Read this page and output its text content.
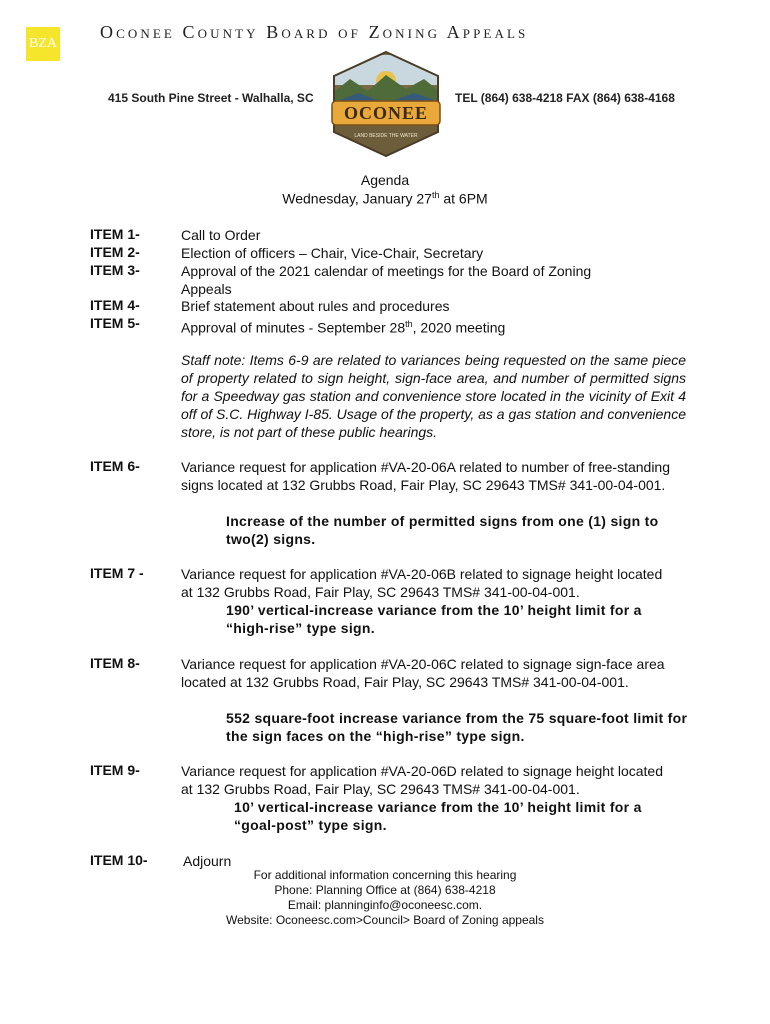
BZA
Oconee County Board of Zoning Appeals
415 South Pine Street - Walhalla, SC	TEL (864) 638-4218 FAX (864) 638-4168
OCONEE
LAND BESIDE THE WATER
Agenda
Wednesday, January 27th at 6PM
ITEM 1-	Call to Order
ITEM 2-	Election of officers – Chair, Vice-Chair, Secretary
ITEM 3-	Approval of the 2021 calendar of meetings for the Board of Zoning Appeals
ITEM 4-	Brief statement about rules and procedures
ITEM 5-	Approval of minutes - September 28th, 2020 meeting
Staff note: Items 6-9 are related to variances being requested on the same piece of property related to sign height, sign-face area, and number of permitted signs for a Speedway gas station and convenience store located in the vicinity of Exit 4 off of S.C. Highway I-85. Usage of the property, as a gas station and convenience store, is not part of these public hearings.
ITEM 6-	Variance request for application #VA-20-06A related to number of free-standing signs located at 132 Grubbs Road, Fair Play, SC 29643 TMS# 341-00-04-001.
Increase of the number of permitted signs from one (1) sign to two(2) signs.
ITEM 7 -	Variance request for application #VA-20-06B related to signage height located at 132 Grubbs Road, Fair Play, SC 29643 TMS# 341-00-04-001.
190’ vertical-increase variance from the 10’ height limit for a “high-rise” type sign.
ITEM 8-	Variance request for application #VA-20-06C related to signage sign-face area located at 132 Grubbs Road, Fair Play, SC 29643 TMS# 341-00-04-001.
552 square-foot increase variance from the 75 square-foot limit for the sign faces on the “high-rise” type sign.
ITEM 9-	Variance request for application #VA-20-06D related to signage height located at 132 Grubbs Road, Fair Play, SC 29643 TMS# 341-00-04-001.
10’ vertical-increase variance from the 10’ height limit for a “goal-post” type sign.
ITEM 10-	Adjourn
For additional information concerning this hearing
Phone: Planning Office at (864) 638-4218
Email: planninginfo@oconeesc.com.
Website: Oconeesc.com>Council> Board of Zoning appeals
